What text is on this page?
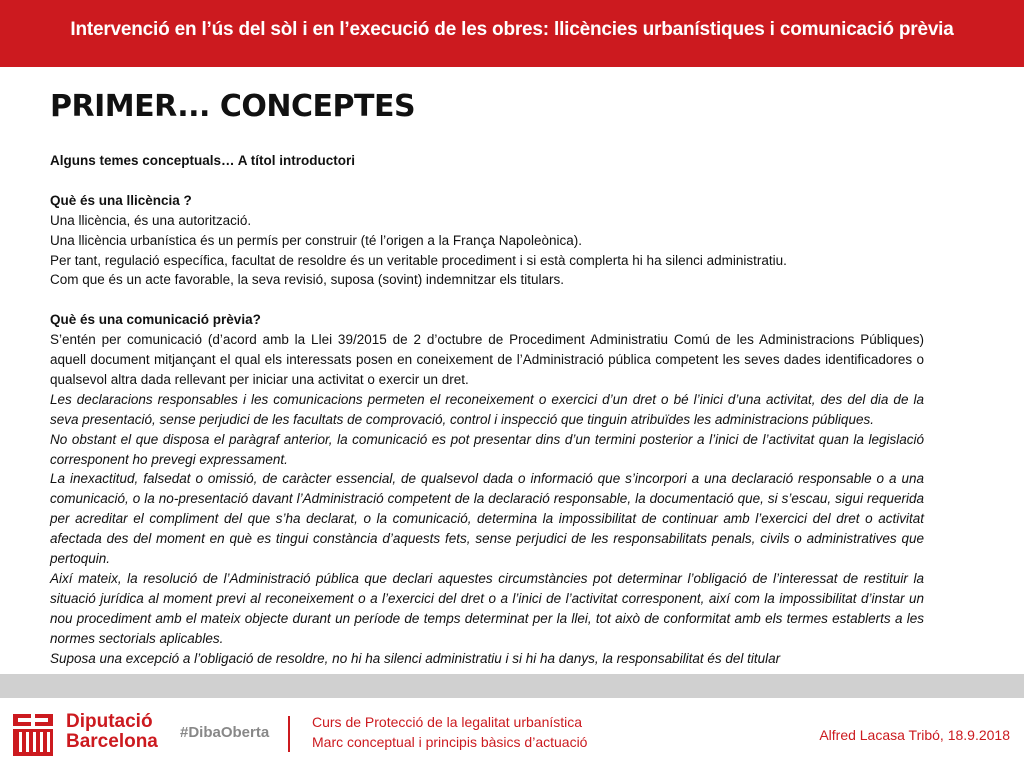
Intervenció en l’ús del sòl i en l’execució de les obres: llicències urbanístiques i comunicació prèvia
PRIMER... CONCEPTES

Alguns temes conceptuals… A títol introductori

Què és una llicència ?

Una llicència, és una autorització.

Una llicència urbanística és un permís per construir (té l’origen a la França Napoleònica).

Per tant, regulació específica, facultat de resoldre és un veritable procediment i si està complerta hi ha silenci administratiu.

Com que és un acte favorable, la seva revisió, suposa (sovint) indemnitzar els titulars.

Què és una comunicació prèvia?

S’entén per comunicació (d’acord amb la Llei 39/2015 de 2 d’octubre de Procediment Administratiu Comú de les Administracions Públiques) aquell document mitjançant el qual els interessats posen en coneixement de l’Administració pública competent les seves dades identificadores o qualsevol altra dada rellevant per iniciar una activitat o exercir un dret.

Les declaracions responsables i les comunicacions permeten el reconeixement o exercici d’un dret o bé l’inici d’una activitat, des del dia de la seva presentació, sense perjudici de les facultats de comprovació, control i inspecció que tinguin atribuïdes les administracions públiques.

No obstant el que disposa el paràgraf anterior, la comunicació es pot presentar dins d’un termini posterior a l’inici de l’activitat quan la legislació corresponent ho prevegi expressament.

La inexactitud, falsedat o omissió, de caràcter essencial, de qualsevol dada o informació que s’incorpori a una declaració responsable o a una comunicació, o la no-presentació davant l’Administració competent de la declaració responsable, la documentació que, si s’escau, sigui requerida per acreditar el compliment del que s’ha declarat, o la comunicació, determina la impossibilitat de continuar amb l’exercici del dret o activitat afectada des del moment en què es tingui constància d’aquests fets, sense perjudici de les responsabilitats penals, civils o administratives que pertoquin.

Així mateix, la resolució de l’Administració pública que declari aquestes circumstàncies pot determinar l’obligació de l’interessat de restituir la situació jurídica al moment previ al reconeixement o a l’exercici del dret o a l’inici de l’activitat corresponent, així com la impossibilitat d’instar un nou procediment amb el mateix objecte durant un període de temps determinat per la llei, tot això de conformitat amb els termes establerts a les normes sectorials aplicables.

Suposa una excepció a l’obligació de resoldre, no hi ha silenci administratiu i si hi ha danys, la responsabilitat és del titular

Diputació
Barcelona #DibaOberta
Curs de Protecció de la legalitat urbanística
Marc conceptual i principis bàsics d’actuació	Alfred Lacasa Tribó, 18.9.2018
